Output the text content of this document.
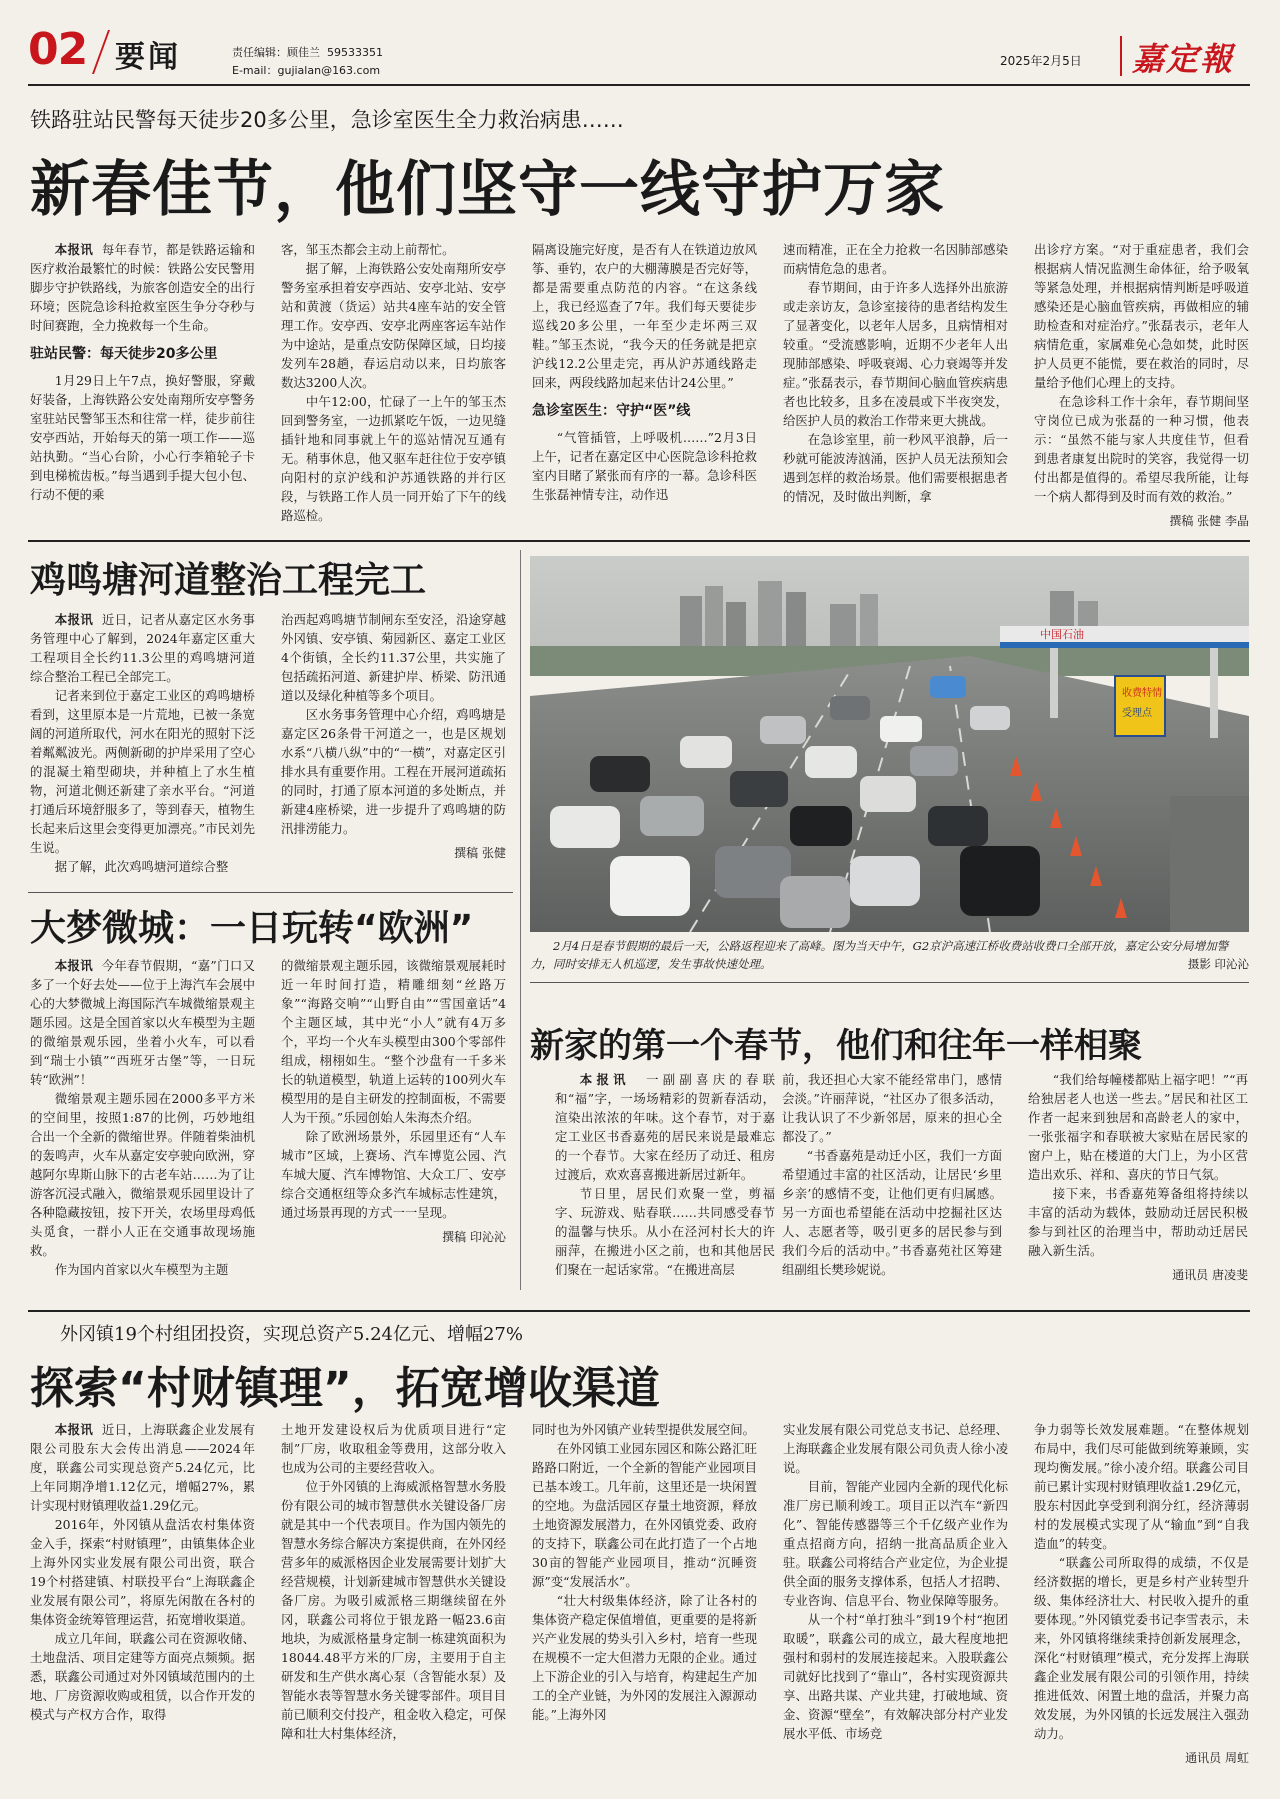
02 要闻	责任编辑：顾佳兰 59533351
E-mail：gujialan@163.com
2025年2月5日 嘉定報
铁路驻站民警每天徒步20多公里，急诊室医生全力救治病患……
新春佳节，他们坚守一线守护万家

本报讯 每年春节，都是铁路运输和医疗救治最繁忙的时候：铁路公安民警用脚步守护铁路线，为旅客创造安全的出行环境；医院急诊科抢救室医生争分夺秒与时间赛跑，全力挽救每一个生命。

驻站民警：每天徒步20多公里

1月29日上午7点，换好警服，穿戴好装备，上海铁路公安处南翔所安亭警务室驻站民警邹玉杰和往常一样，徒步前往安亭西站，开始每天的第一项工作——巡站执勤。“当心台阶，小心行李箱轮子卡到电梯梳齿板。”每当遇到手提大包小包、行动不便的乘

客，邹玉杰都会主动上前帮忙。

据了解，上海铁路公安处南翔所安亭警务室承担着安亭西站、安亭北站、安亭站和黄渡（货运）站共4座车站的安全管理工作。安亭西、安亭北两座客运车站作为中途站，是重点安防保障区域，日均接发列车28趟，春运启动以来，日均旅客数达3200人次。

中午12:00，忙碌了一上午的邹玉杰回到警务室，一边抓紧吃午饭，一边见缝插针地和同事就上午的巡站情况互通有无。稍事休息，他又驱车赶往位于安亭镇向阳村的京沪线和沪苏通铁路的并行区段，与铁路工作人员一同开始了下午的线路巡检。

隔离设施完好度，是否有人在铁道边放风筝、垂钓，农户的大棚薄膜是否完好等，都是需要重点防范的内容。“在这条线上，我已经巡查了7年。我们每天要徒步巡线20多公里，一年至少走坏两三双鞋。”邹玉杰说，“我今天的任务就是把京沪线12.2公里走完，再从沪苏通线路走回来，两段线路加起来估计24公里。”

急诊室医生：守护“医”线

“气管插管，上呼吸机……”2月3日上午，记者在嘉定区中心医院急诊科抢救室内目睹了紧张而有序的一幕。急诊科医生张磊神情专注，动作迅

速而精准，正在全力抢救一名因肺部感染而病情危急的患者。

春节期间，由于许多人选择外出旅游或走亲访友，急诊室接待的患者结构发生了显著变化，以老年人居多，且病情相对较重。“受流感影响，近期不少老年人出现肺部感染、呼吸衰竭、心力衰竭等并发症。”张磊表示，春节期间心脑血管疾病患者也比较多，且多在凌晨或下半夜突发，给医护人员的救治工作带来更大挑战。

在急诊室里，前一秒风平浪静，后一秒就可能波涛汹涌，医护人员无法预知会遇到怎样的救治场景。他们需要根据患者的情况，及时做出判断，拿

出诊疗方案。“对于重症患者，我们会根据病人情况监测生命体征，给予吸氧等紧急处理，并根据病情判断是呼吸道感染还是心脑血管疾病，再做相应的辅助检查和对症治疗。”张磊表示，老年人病情危重，家属难免心急如焚，此时医护人员更不能慌，要在救治的同时，尽量给予他们心理上的支持。

在急诊科工作十余年，春节期间坚守岗位已成为张磊的一种习惯，他表示：“虽然不能与家人共度佳节，但看到患者康复出院时的笑容，我觉得一切付出都是值得的。希望尽我所能，让每一个病人都得到及时而有效的救治。”

撰稿 张健 李晶
鸡鸣塘河道整治工程完工

本报讯 近日，记者从嘉定区水务事务管理中心了解到，2024年嘉定区重大工程项目全长约11.3公里的鸡鸣塘河道综合整治工程已全部完工。

记者来到位于嘉定工业区的鸡鸣塘桥看到，这里原本是一片荒地，已被一条宽阔的河道所取代，河水在阳光的照射下泛着粼粼波光。两侧新砌的护岸采用了空心的混凝土箱型砌块，并种植上了水生植物，河道北侧还新建了亲水平台。“河道打通后环境舒服多了，等到春天，植物生长起来后这里会变得更加漂亮。”市民刘先生说。

据了解，此次鸡鸣塘河道综合整

治西起鸡鸣塘节制闸东至安泾，沿途穿越外冈镇、安亭镇、菊园新区、嘉定工业区4个街镇，全长约11.37公里，共实施了包括疏拓河道、新建护岸、桥梁、防汛通道以及绿化种植等多个项目。

区水务事务管理中心介绍，鸡鸣塘是嘉定区26条骨干河道之一，也是区规划水系“八横八纵”中的“一横”，对嘉定区引排水具有重要作用。工程在开展河道疏拓的同时，打通了原本河道的多处断点，并新建4座桥梁，进一步提升了鸡鸣塘的防汛排涝能力。

撰稿 张健
中国石油
收费特情
受理点
2月4日是春节假期的最后一天，公路返程迎来了高峰。图为当天中午，G2京沪高速江桥收费站收费口全部开放，嘉定公安分局增加警力，同时安排无人机巡逻，发生事故快速处理。	摄影 印沁沁
大梦微城：一日玩转“欧洲”

本报讯 今年春节假期，“嘉”门口又多了一个好去处——位于上海汽车会展中心的大梦微城上海国际汽车城微缩景观主题乐园。这是全国首家以火车模型为主题的微缩景观乐园，坐着小火车，可以看到“瑞士小镇”“西班牙古堡”等，一日玩转“欧洲”！

微缩景观主题乐园在2000多平方米的空间里，按照1:87的比例，巧妙地组合出一个全新的微缩世界。伴随着柴油机的轰鸣声，火车从嘉定安亭驶向欧洲，穿越阿尔卑斯山脉下的古老车站……为了让游客沉浸式融入，微缩景观乐园里设计了各种隐藏按钮，按下开关，农场里母鸡低头觅食，一群小人正在交通事故现场施救。

作为国内首家以火车模型为主题

的微缩景观主题乐园，该微缩景观展耗时近一年时间打造，精雕细刻“丝路万象”“海路交响”“山野自由”“雪国童话”4个主题区域，其中光“小人”就有4万多个，平均一个火车头模型由300个零部件组成，栩栩如生。“整个沙盘有一千多米长的轨道模型，轨道上运转的100列火车模型用的是自主研发的控制面板，不需要人为干预。”乐园创始人朱海杰介绍。

除了欧洲场景外，乐园里还有“人车城市”区域，上赛场、汽车博览公园、汽车城大厦、汽车博物馆、大众工厂、安亭综合交通枢纽等众多汽车城标志性建筑，通过场景再现的方式一一呈现。

撰稿 印沁沁
新家的第一个春节，他们和往年一样相聚

本报讯 一副副喜庆的春联和“福”字，一场场精彩的贺新春活动，渲染出浓浓的年味。这个春节，对于嘉定工业区书香嘉苑的居民来说是最难忘的一个春节。大家在经历了动迁、租房过渡后，欢欢喜喜搬进新居过新年。

节日里，居民们欢聚一堂，剪福字、玩游戏、贴春联……共同感受春节的温馨与快乐。从小在泾河村长大的许丽萍，在搬进小区之前，也和其他居民们聚在一起话家常。“在搬进高层

前，我还担心大家不能经常串门，感情会淡。”许丽萍说，“社区办了很多活动，让我认识了不少新邻居，原来的担心全都没了。”

“书香嘉苑是动迁小区，我们一方面希望通过丰富的社区活动，让居民‘乡里乡亲’的感情不变，让他们更有归属感。另一方面也希望能在活动中挖掘社区达人、志愿者等，吸引更多的居民参与到我们今后的活动中。”书香嘉苑社区筹建组副组长樊珍妮说。

“我们给每幢楼都贴上福字吧！”“再给独居老人也送一些去。”居民和社区工作者一起来到独居和高龄老人的家中，一张张福字和春联被大家贴在居民家的窗户上，贴在楼道的大门上，为小区营造出欢乐、祥和、喜庆的节日气氛。

接下来，书香嘉苑筹备组将持续以丰富的活动为载体，鼓励动迁居民积极参与到社区的治理当中，帮助动迁居民融入新生活。

通讯员 唐凌斐
外冈镇19个村组团投资，实现总资产5.24亿元、增幅27%
探索“村财镇理”，拓宽增收渠道

本报讯 近日，上海联鑫企业发展有限公司股东大会传出消息——2024年度，联鑫公司实现总资产5.24亿元，比上年同期净增1.12亿元，增幅27%，累计实现村财镇理收益1.29亿元。

2016年，外冈镇从盘活农村集体资金入手，探索“村财镇理”，由镇集体企业上海外冈实业发展有限公司出资，联合19个村搭建镇、村联投平台“上海联鑫企业发展有限公司”，将原先闲散在各村的集体资金统筹管理运营，拓宽增收渠道。

成立几年间，联鑫公司在资源收储、土地盘活、项目定建等方面亮点频频。据悉，联鑫公司通过对外冈镇域范围内的土地、厂房资源收购或租赁，以合作开发的模式与产权方合作，取得

土地开发建设权后为优质项目进行“定制”厂房，收取租金等费用，这部分收入也成为公司的主要经营收入。

位于外冈镇的上海威派格智慧水务股份有限公司的城市智慧供水关键设备厂房就是其中一个代表项目。作为国内领先的智慧水务综合解决方案提供商，在外冈经营多年的威派格因企业发展需要计划扩大经营规模，计划新建城市智慧供水关键设备厂房。为吸引威派格三期继续留在外冈，联鑫公司将位于银龙路一幅23.6亩地块，为威派格量身定制一栋建筑面积为18044.48平方米的厂房，主要用于自主研发和生产供水离心泵（含智能水泵）及智能水表等智慧水务关键零部件。项目目前已顺利交付投产，租金收入稳定，可保障和壮大村集体经济，

同时也为外冈镇产业转型提供发展空间。

在外冈镇工业园东园区和陈公路汇旺路路口附近，一个全新的智能产业园项目已基本竣工。几年前，这里还是一块闲置的空地。为盘活园区存量土地资源，释放土地资源发展潜力，在外冈镇党委、政府的支持下，联鑫公司在此打造了一个占地30亩的智能产业园项目，推动“沉睡资源”变“发展活水”。

“壮大村级集体经济，除了让各村的集体资产稳定保值增值，更重要的是将新兴产业发展的势头引入乡村，培育一些现在规模不一定大但潜力无限的企业。通过上下游企业的引入与培育，构建起生产加工的全产业链，为外冈的发展注入源源动能。”上海外冈

实业发展有限公司党总支书记、总经理、上海联鑫企业发展有限公司负责人徐小凌说。

目前，智能产业园内全新的现代化标准厂房已顺利竣工。项目正以汽车“新四化”、智能传感器等三个千亿级产业作为重点招商方向，招纳一批高品质企业入驻。联鑫公司将结合产业定位，为企业提供全面的服务支撑体系，包括人才招聘、专业咨询、信息平台、物业保障等服务。

从一个村“单打独斗”到19个村“抱团取暖”，联鑫公司的成立，最大程度地把强村和弱村的发展连接起来。入股联鑫公司就好比找到了“靠山”，各村实现资源共享、出路共谋、产业共建，打破地域、资金、资源“壁垒”，有效解决部分村产业发展水平低、市场竞

争力弱等长效发展难题。“在整体规划布局中，我们尽可能做到统筹兼顾，实现均衡发展。”徐小凌介绍。联鑫公司目前已累计实现村财镇理收益1.29亿元，股东村因此享受到利润分红，经济薄弱村的发展模式实现了从“输血”到“自我造血”的转变。

“联鑫公司所取得的成绩，不仅是经济数据的增长，更是乡村产业转型升级、集体经济壮大、村民收入提升的重要体现。”外冈镇党委书记李雪表示，未来，外冈镇将继续秉持创新发展理念，深化“村财镇理”模式，充分发挥上海联鑫企业发展有限公司的引领作用，持续推进低效、闲置土地的盘活，并聚力高效发展，为外冈镇的长远发展注入强劲动力。

通讯员 周虹
